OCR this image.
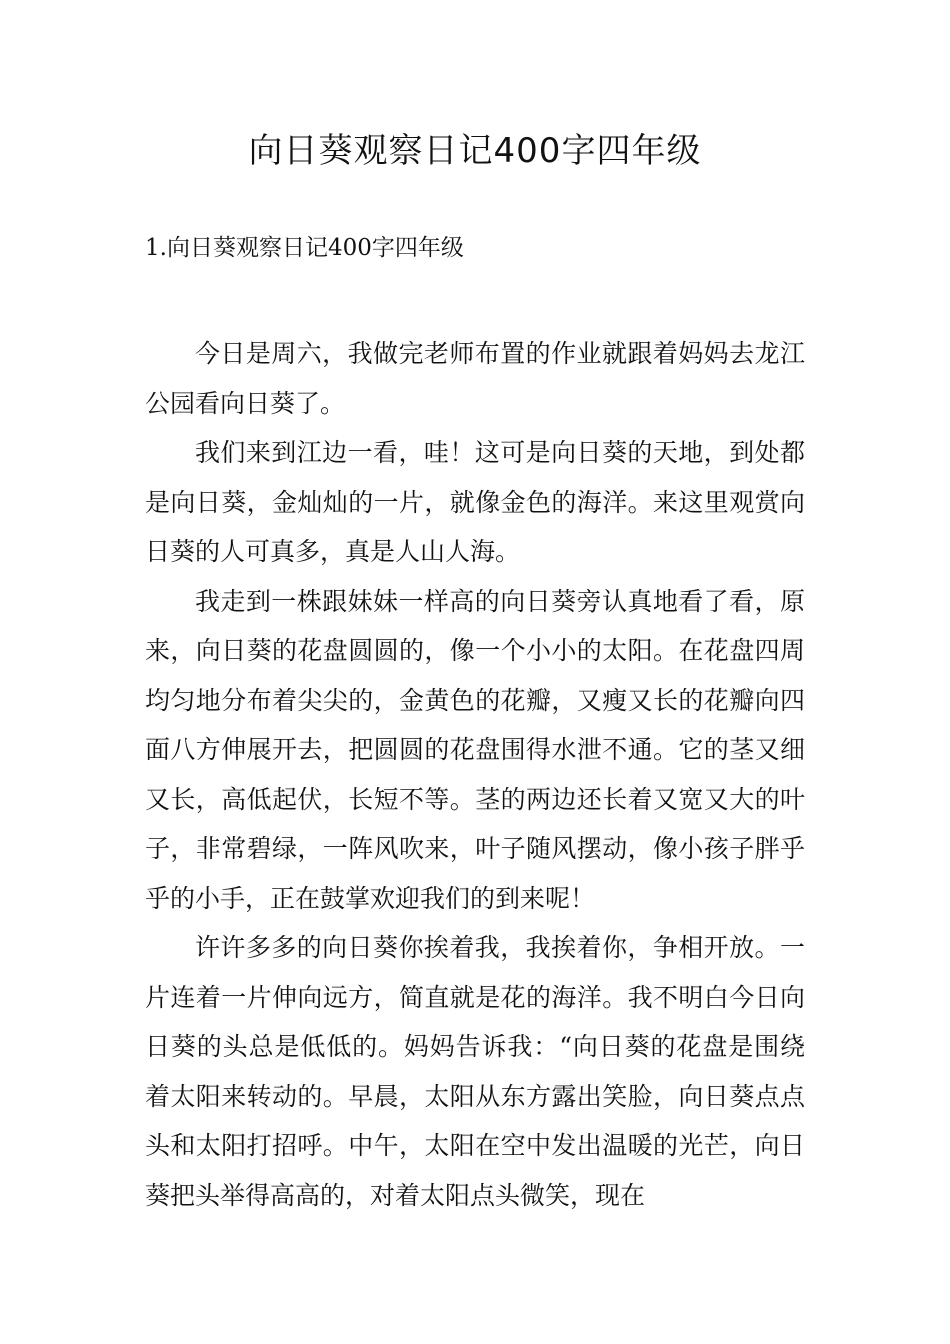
向日葵观察日记400字四年级
1.向日葵观察日记400字四年级

今日是周六，我做完老师布置的作业就跟着妈妈去龙江公园看向日葵了。

我们来到江边一看，哇！这可是向日葵的天地，到处都是向日葵，金灿灿的一片，就像金色的海洋。来这里观赏向日葵的人可真多，真是人山人海。

我走到一株跟妹妹一样高的向日葵旁认真地看了看，原来，向日葵的花盘圆圆的，像一个小小的太阳。在花盘四周均匀地分布着尖尖的，金黄色的花瓣，又瘦又长的花瓣向四面八方伸展开去，把圆圆的花盘围得水泄不通。它的茎又细又长，高低起伏，长短不等。茎的两边还长着又宽又大的叶子，非常碧绿，一阵风吹来，叶子随风摆动，像小孩子胖乎乎的小手，正在鼓掌欢迎我们的到来呢！

许许多多的向日葵你挨着我，我挨着你，争相开放。一片连着一片伸向远方，简直就是花的海洋。我不明白今日向日葵的头总是低低的。妈妈告诉我：“向日葵的花盘是围绕着太阳来转动的。早晨，太阳从东方露出笑脸，向日葵点点头和太阳打招呼。中午，太阳在空中发出温暖的光芒，向日葵把头举得高高的，对着太阳点头微笑，现在
